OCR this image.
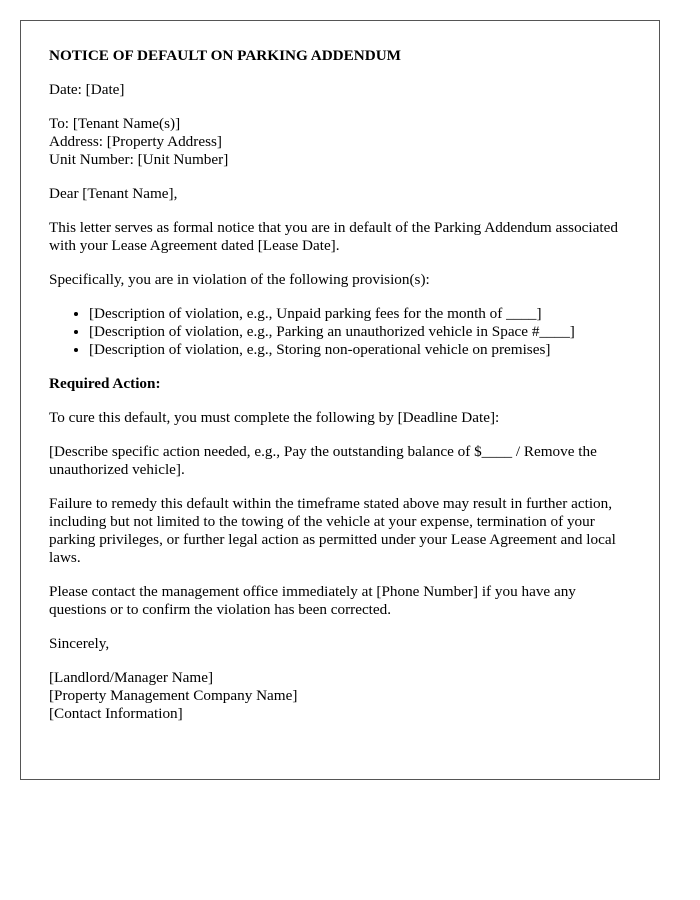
NOTICE OF DEFAULT ON PARKING ADDENDUM

Date: [Date]

To: [Tenant Name(s)]
Address: [Property Address]
Unit Number: [Unit Number]

Dear [Tenant Name],

This letter serves as formal notice that you are in default of the Parking Addendum associated with your Lease Agreement dated [Lease Date].

Specifically, you are in violation of the following provision(s):

• [Description of violation, e.g., Unpaid parking fees for the month of ____]
• [Description of violation, e.g., Parking an unauthorized vehicle in Space #____]
• [Description of violation, e.g., Storing non-operational vehicle on premises]

Required Action:

To cure this default, you must complete the following by [Deadline Date]:

[Describe specific action needed, e.g., Pay the outstanding balance of $____ / Remove the unauthorized vehicle].

Failure to remedy this default within the timeframe stated above may result in further action, including but not limited to the towing of the vehicle at your expense, termination of your parking privileges, or further legal action as permitted under your Lease Agreement and local laws.

Please contact the management office immediately at [Phone Number] if you have any questions or to confirm the violation has been corrected.

Sincerely,

[Landlord/Manager Name]
[Property Management Company Name]
[Contact Information]
